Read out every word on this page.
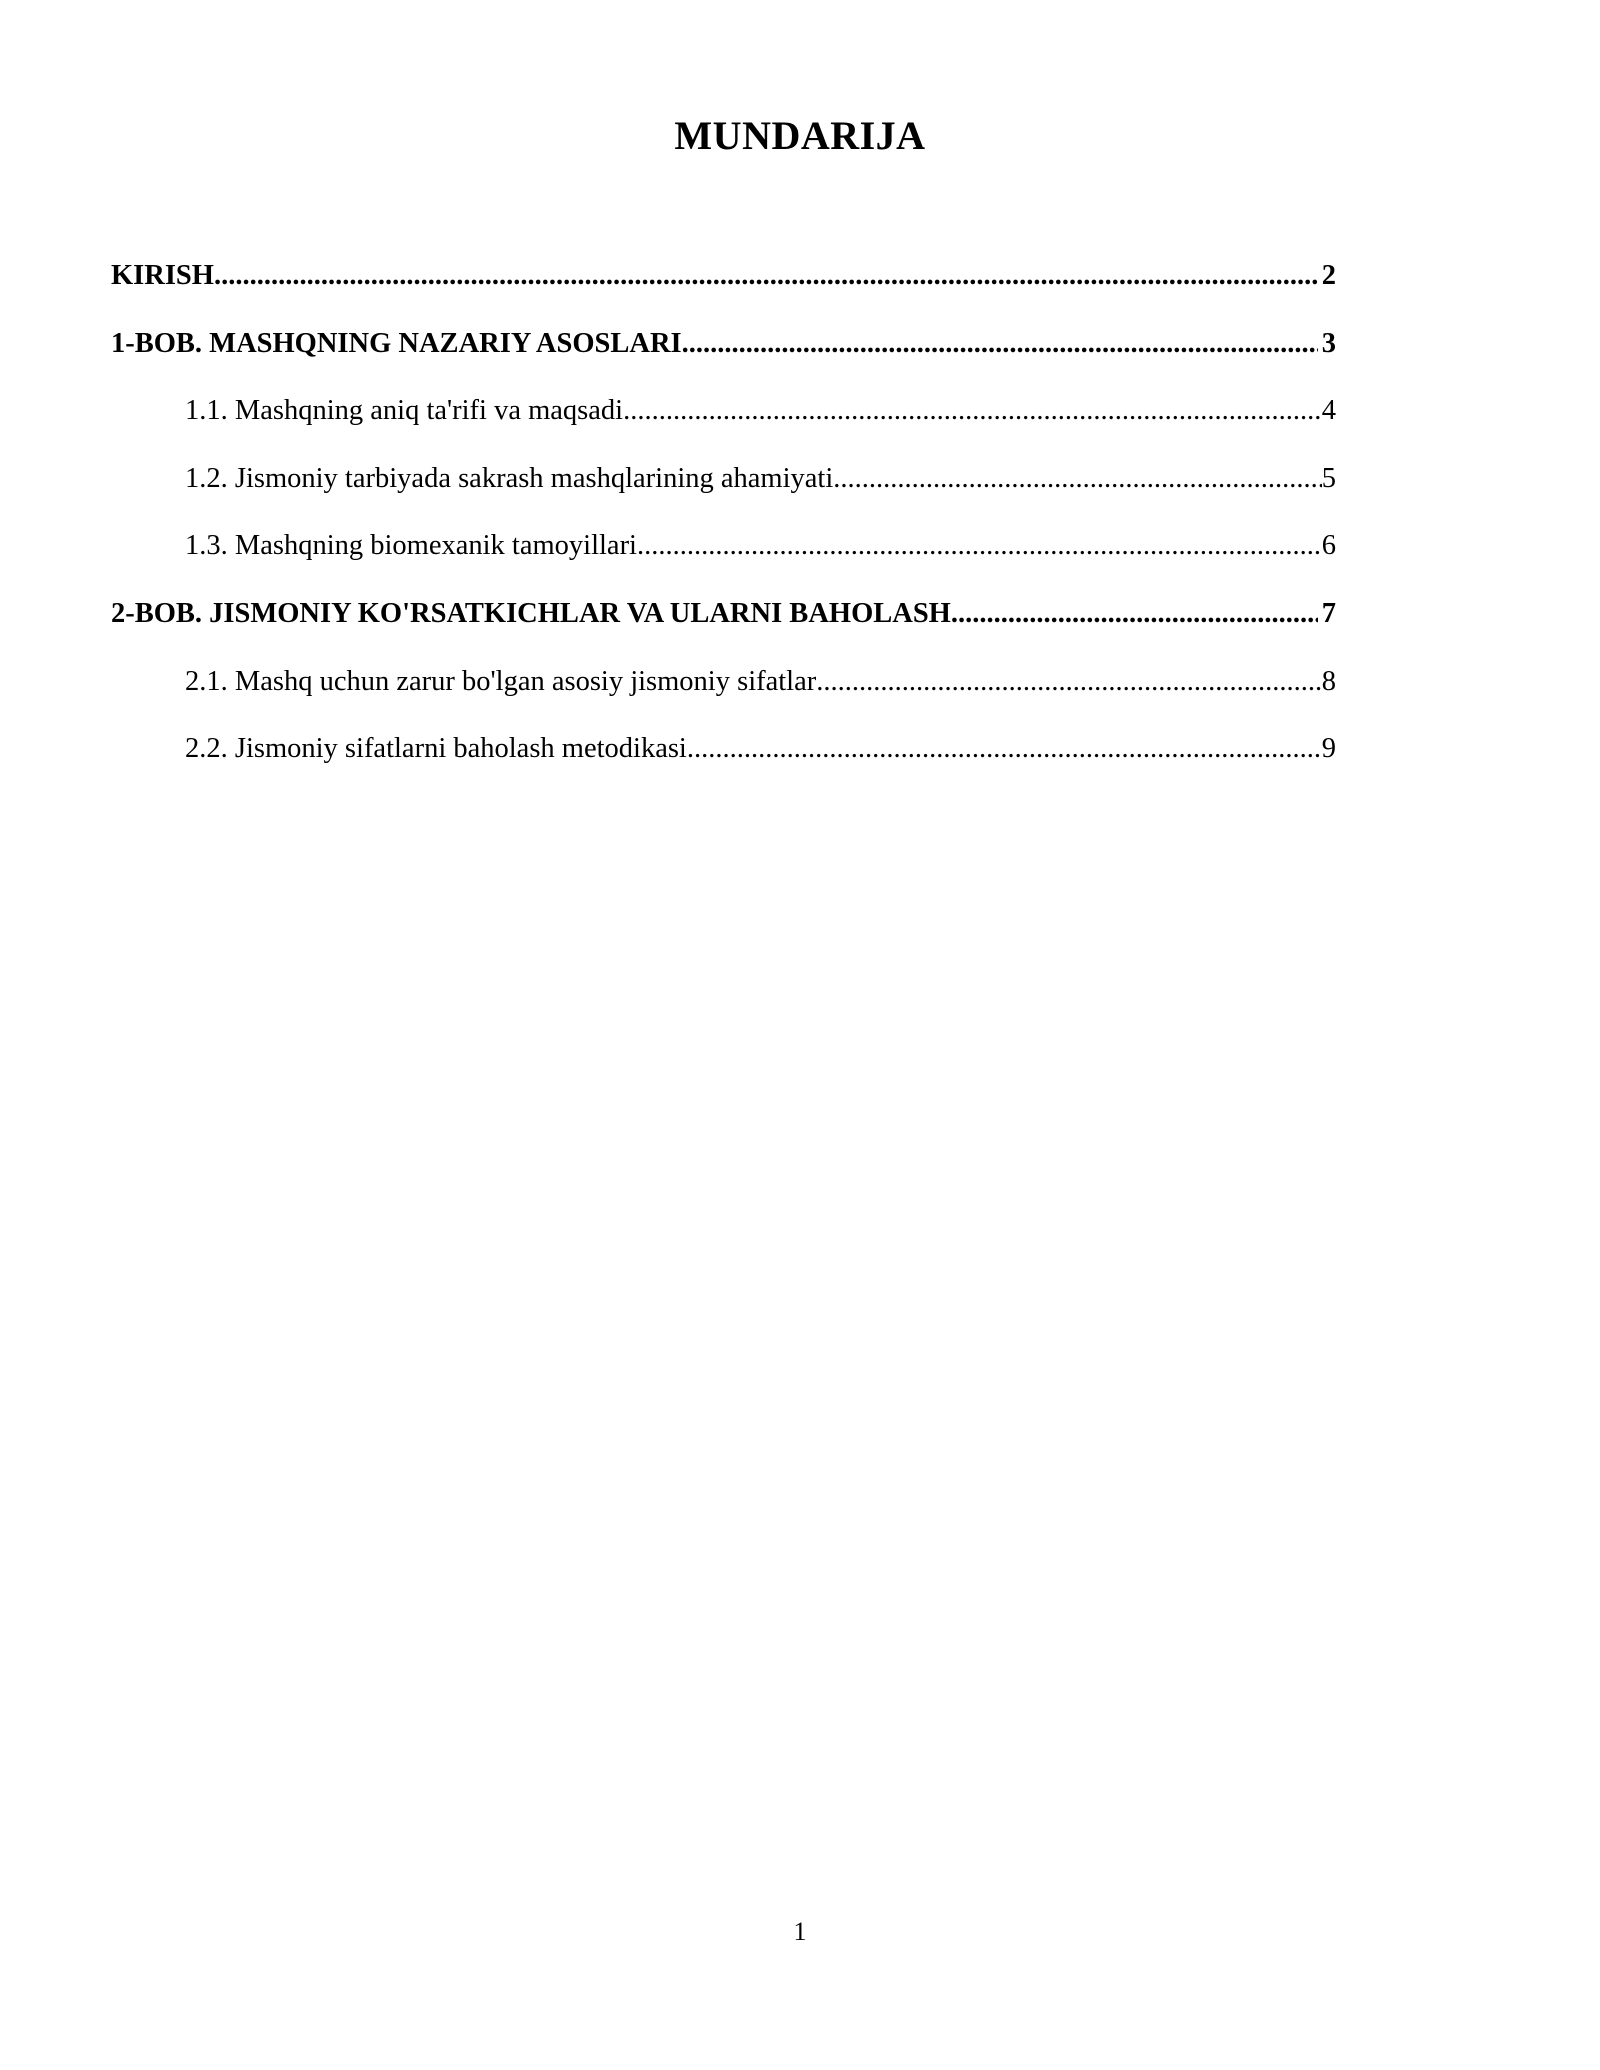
MUNDARIJA
KIRISH .....	2
1-BOB. MASHQNING NAZARIY ASOSLARI .....	3
1.1. Mashqning aniq ta'rifi va maqsadi .....	4
1.2. Jismoniy tarbiyada sakrash mashqlarining ahamiyati .....	5
1.3. Mashqning biomexanik tamoyillari .....	6
2-BOB. JISMONIY KO'RSATKICHLAR VA ULARNI BAHOLASH .....	7
2.1. Mashq uchun zarur bo'lgan asosiy jismoniy sifatlar .....	8
2.2. Jismoniy sifatlarni baholash metodikasi .....	9
1
